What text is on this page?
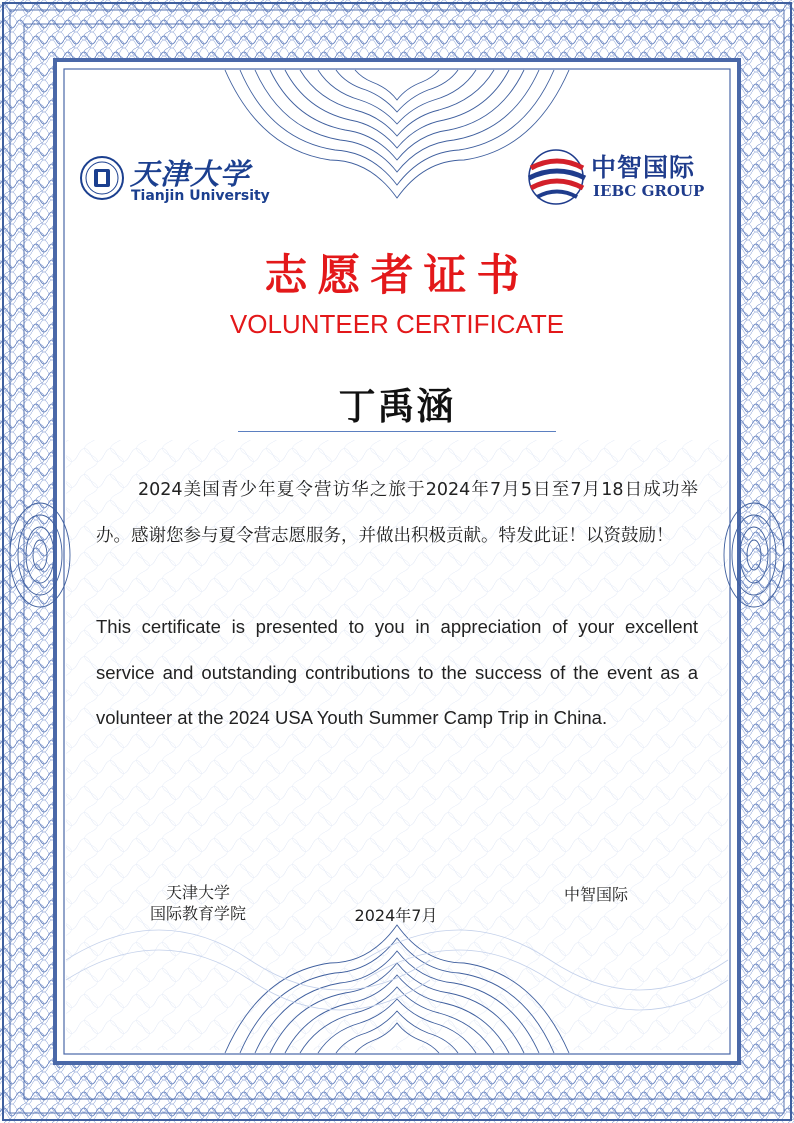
天津大学
Tianjin University
中智国际
IEBC GROUP
志愿者证书
VOLUNTEER CERTIFICATE
丁禹涵
2024美国青少年夏令营访华之旅于2024年7月5日至7月18日成功举办。感谢您参与夏令营志愿服务，并做出积极贡献。特发此证！以资鼓励！
This certificate is presented to you in appreciation of your excellent service and outstanding contributions to the success of the event as a volunteer at the 2024 USA Youth Summer Camp Trip in China.
天津大学
国际教育学院	2024年7月
中智国际
